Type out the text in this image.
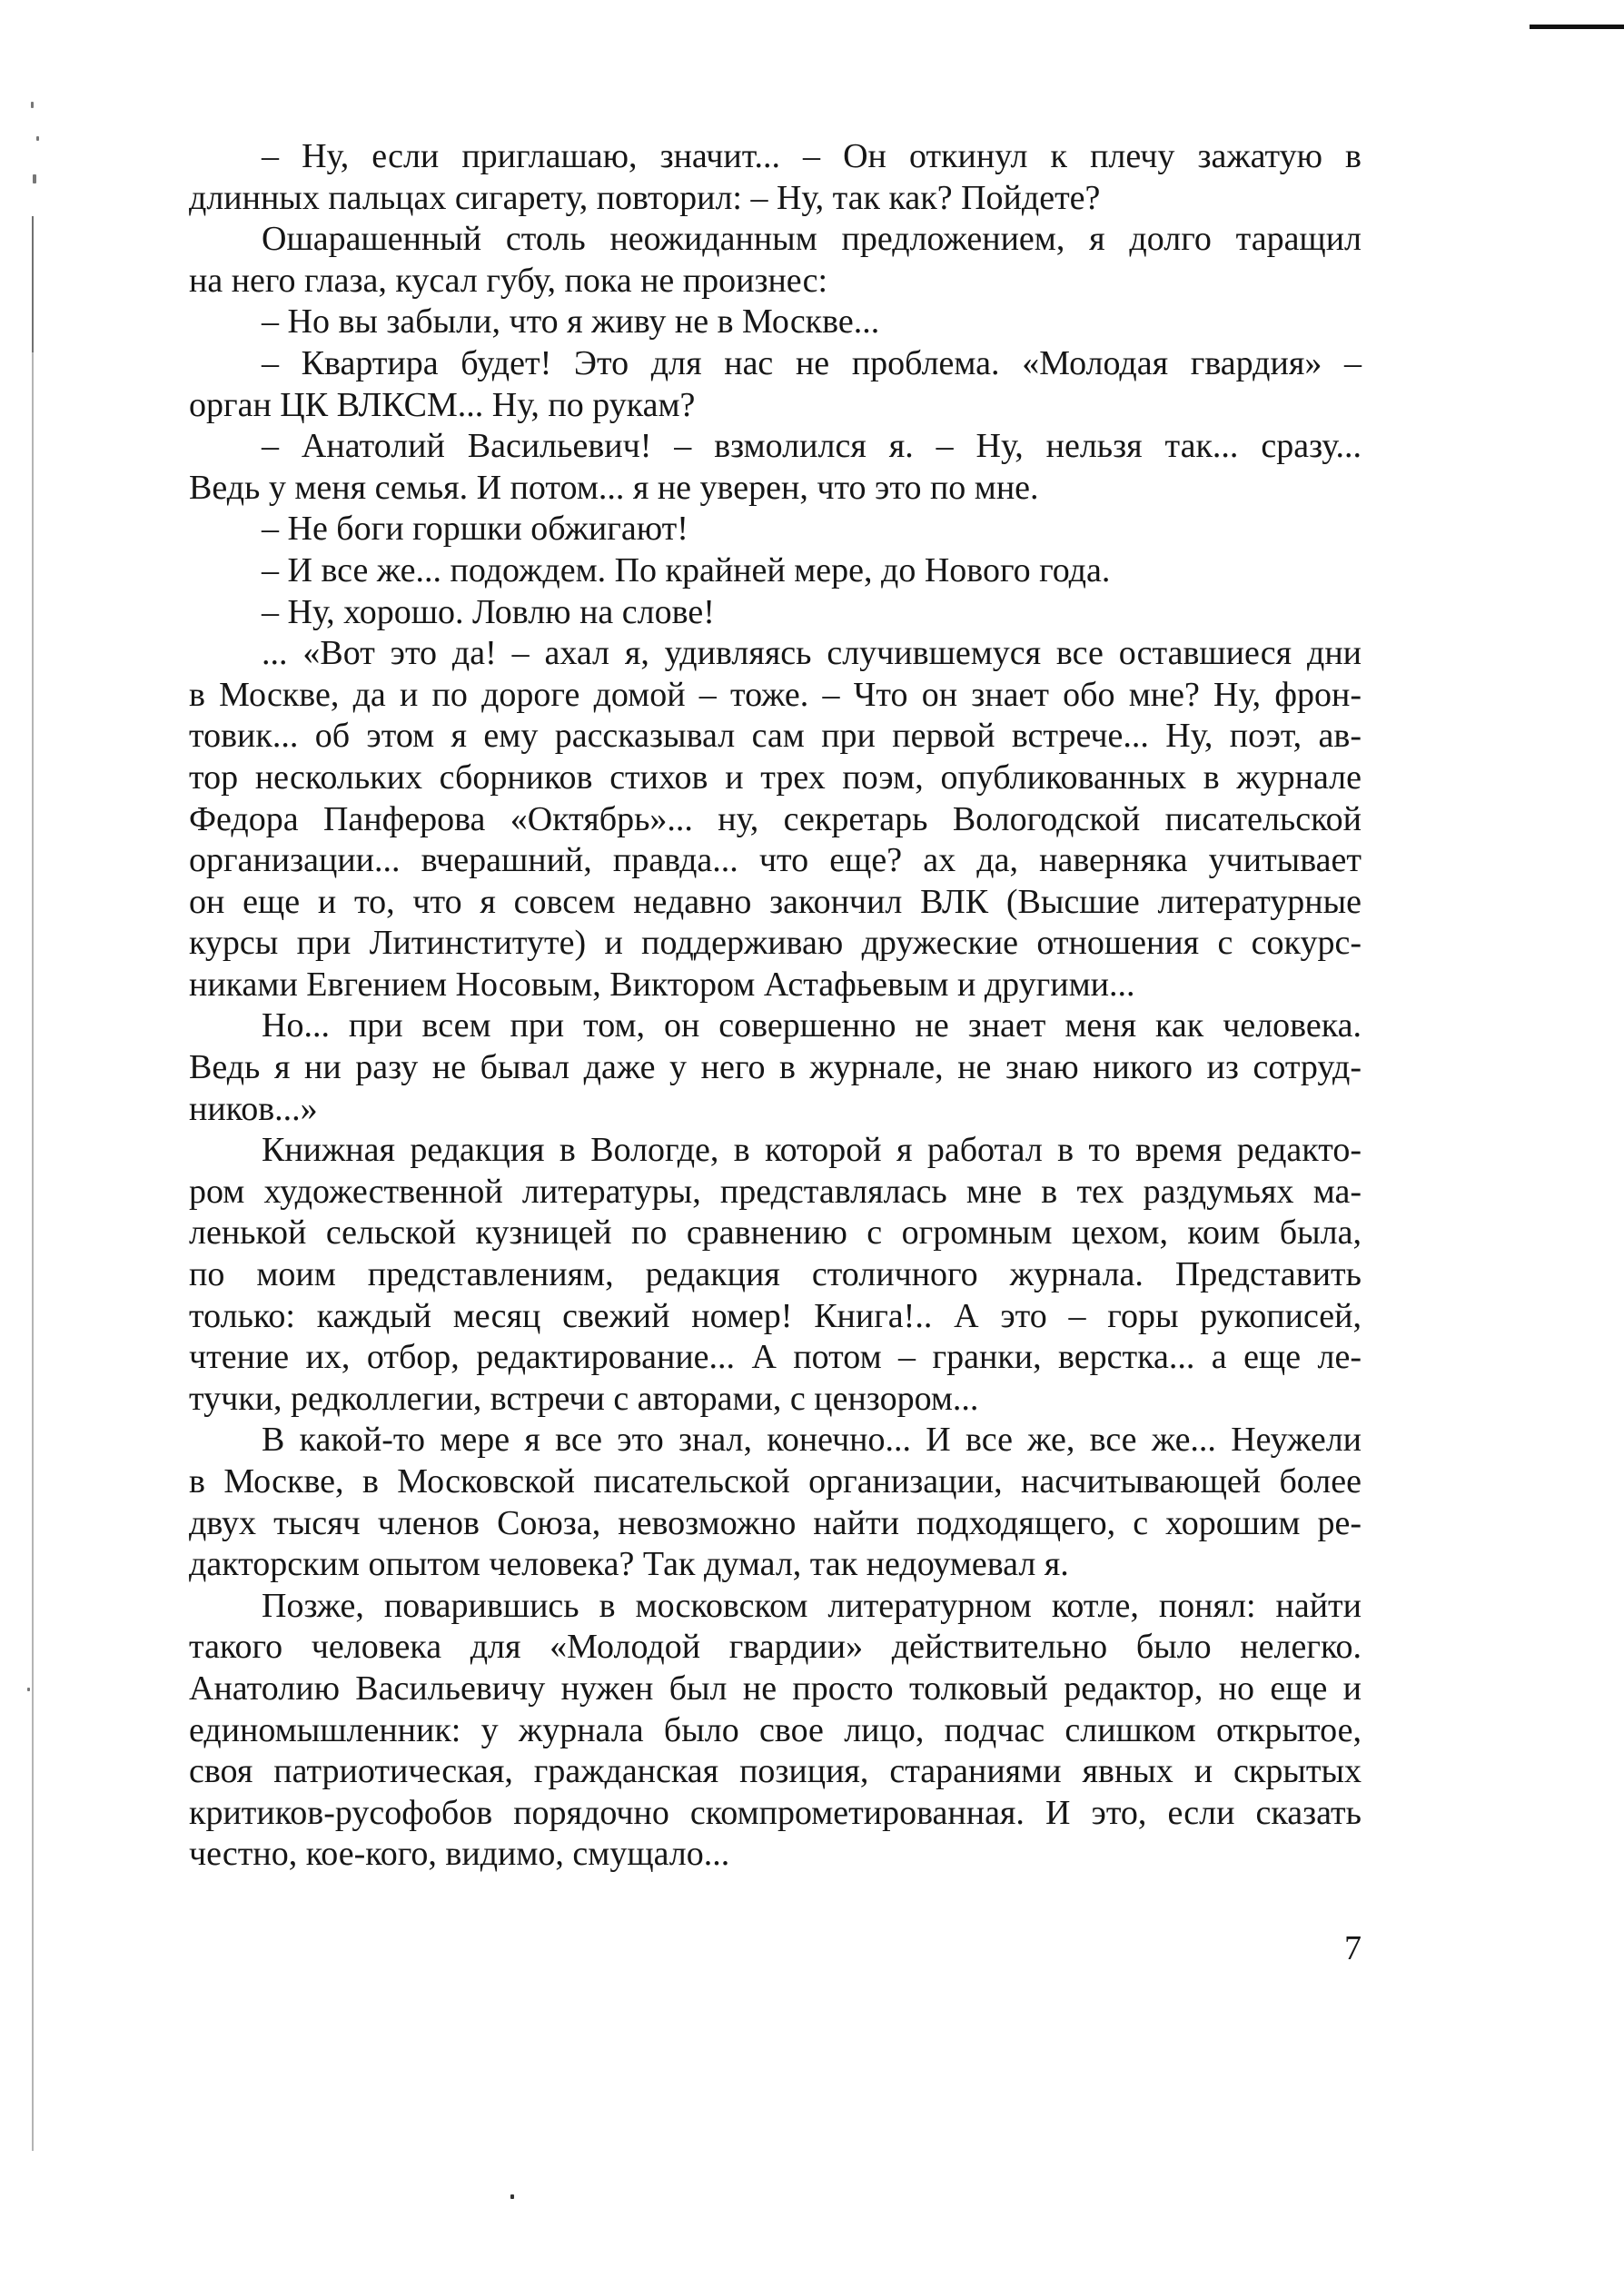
– Ну, если приглашаю, значит... – Он откинул к плечу зажатую в
длинных пальцах сигарету, повторил: – Ну, так как? Пойдете?
Ошарашенный столь неожиданным предложением, я долго таращил
на него глаза, кусал губу, пока не произнес:
– Но вы забыли, что я живу не в Москве...
– Квартира будет! Это для нас не проблема. «Молодая гвардия» –
орган ЦК ВЛКСМ... Ну, по рукам?
– Анатолий Васильевич! – взмолился я. – Ну, нельзя так... сразу...
Ведь у меня семья. И потом... я не уверен, что это по мне.
– Не боги горшки обжигают!
– И все же... подождем. По крайней мере, до Нового года.
– Ну, хорошо. Ловлю на слове!
... «Вот это да! – ахал я, удивляясь случившемуся все оставшиеся дни
в Москве, да и по дороге домой – тоже. – Что он знает обо мне? Ну, фрон-
товик... об этом я ему рассказывал сам при первой встрече... Ну, поэт, ав-
тор нескольких сборников стихов и трех поэм, опубликованных в журнале
Федора Панферова «Октябрь»... ну, секретарь Вологодской писательской
организации... вчерашний, правда... что еще? ах да, наверняка учитывает
он еще и то, что я совсем недавно закончил ВЛК (Высшие литературные
курсы при Литинституте) и поддерживаю дружеские отношения с сокурс-
никами Евгением Носовым, Виктором Астафьевым и другими...
Но... при всем при том, он совершенно не знает меня как человека.
Ведь я ни разу не бывал даже у него в журнале, не знаю никого из сотруд-
ников...»
Книжная редакция в Вологде, в которой я работал в то время редакто-
ром художественной литературы, представлялась мне в тех раздумьях ма-
ленькой сельской кузницей по сравнению с огромным цехом, коим была,
по моим представлениям, редакция столичного журнала. Представить
только: каждый месяц свежий номер! Книга!.. А это – горы рукописей,
чтение их, отбор, редактирование... А потом – гранки, верстка... а еще ле-
тучки, редколлегии, встречи с авторами, с цензором...
В какой-то мере я все это знал, конечно... И все же, все же... Неужели
в Москве, в Московской писательской организации, насчитывающей более
двух тысяч членов Союза, невозможно найти подходящего, с хорошим ре-
дакторским опытом человека? Так думал, так недоумевал я.
Позже, поварившись в московском литературном котле, понял: найти
такого человека для «Молодой гвардии» действительно было нелегко.
Анатолию Васильевичу нужен был не просто толковый редактор, но еще и
единомышленник: у журнала было свое лицо, подчас слишком открытое,
своя патриотическая, гражданская позиция, стараниями явных и скрытых
критиков-русофобов порядочно скомпрометированная. И это, если сказать
честно, кое-кого, видимо, смущало...
7
